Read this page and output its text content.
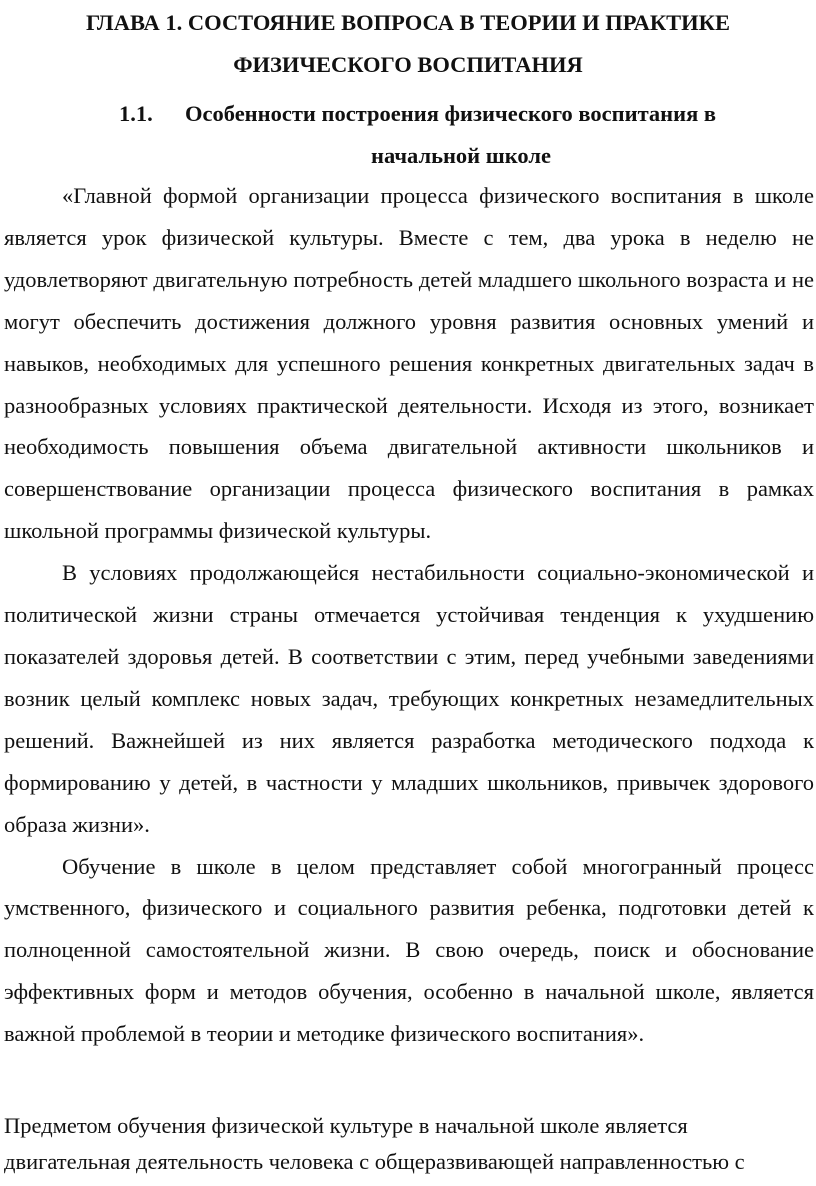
ГЛАВА 1. СОСТОЯНИЕ ВОПРОСА В ТЕОРИИ И ПРАКТИКЕ
ФИЗИЧЕСКОГО ВОСПИТАНИЯ
1.1. Особенности построения физического воспитания в
начальной школе

«Главной формой организации процесса физического воспитания в школе является урок физической культуры. Вместе с тем, два урока в неделю не удовлетворяют двигательную потребность детей младшего школьного возраста и не могут обеспечить достижения должного уровня развития основных умений и навыков, необходимых для успешного решения конкретных двигательных задач в разнообразных условиях практической деятельности. Исходя из этого, возникает необходимость повышения объема двигательной активности школьников и совершенствование организации процесса физического воспитания в рамках школьной программы физической культуры.

В условиях продолжающейся нестабильности социально-экономической и политической жизни страны отмечается устойчивая тенденция к ухудшению показателей здоровья детей. В соответствии с этим, перед учебными заведениями возник целый комплекс новых задач, требующих конкретных незамедлительных решений. Важнейшей из них является разработка методического подхода к формированию у детей, в частности у младших школьников, привычек здорового образа жизни».

Обучение в школе в целом представляет собой многогранный процесс умственного, физического и социального развития ребенка, подготовки детей к полноценной самостоятельной жизни. В свою очередь, поиск и обоснование эффективных форм и методов обучения, особенно в начальной школе, является важной проблемой в теории и методике физического воспитания».

Предметом обучения физической культуре в начальной школе является
двигательная деятельность человека с общеразвивающей направленностью с
